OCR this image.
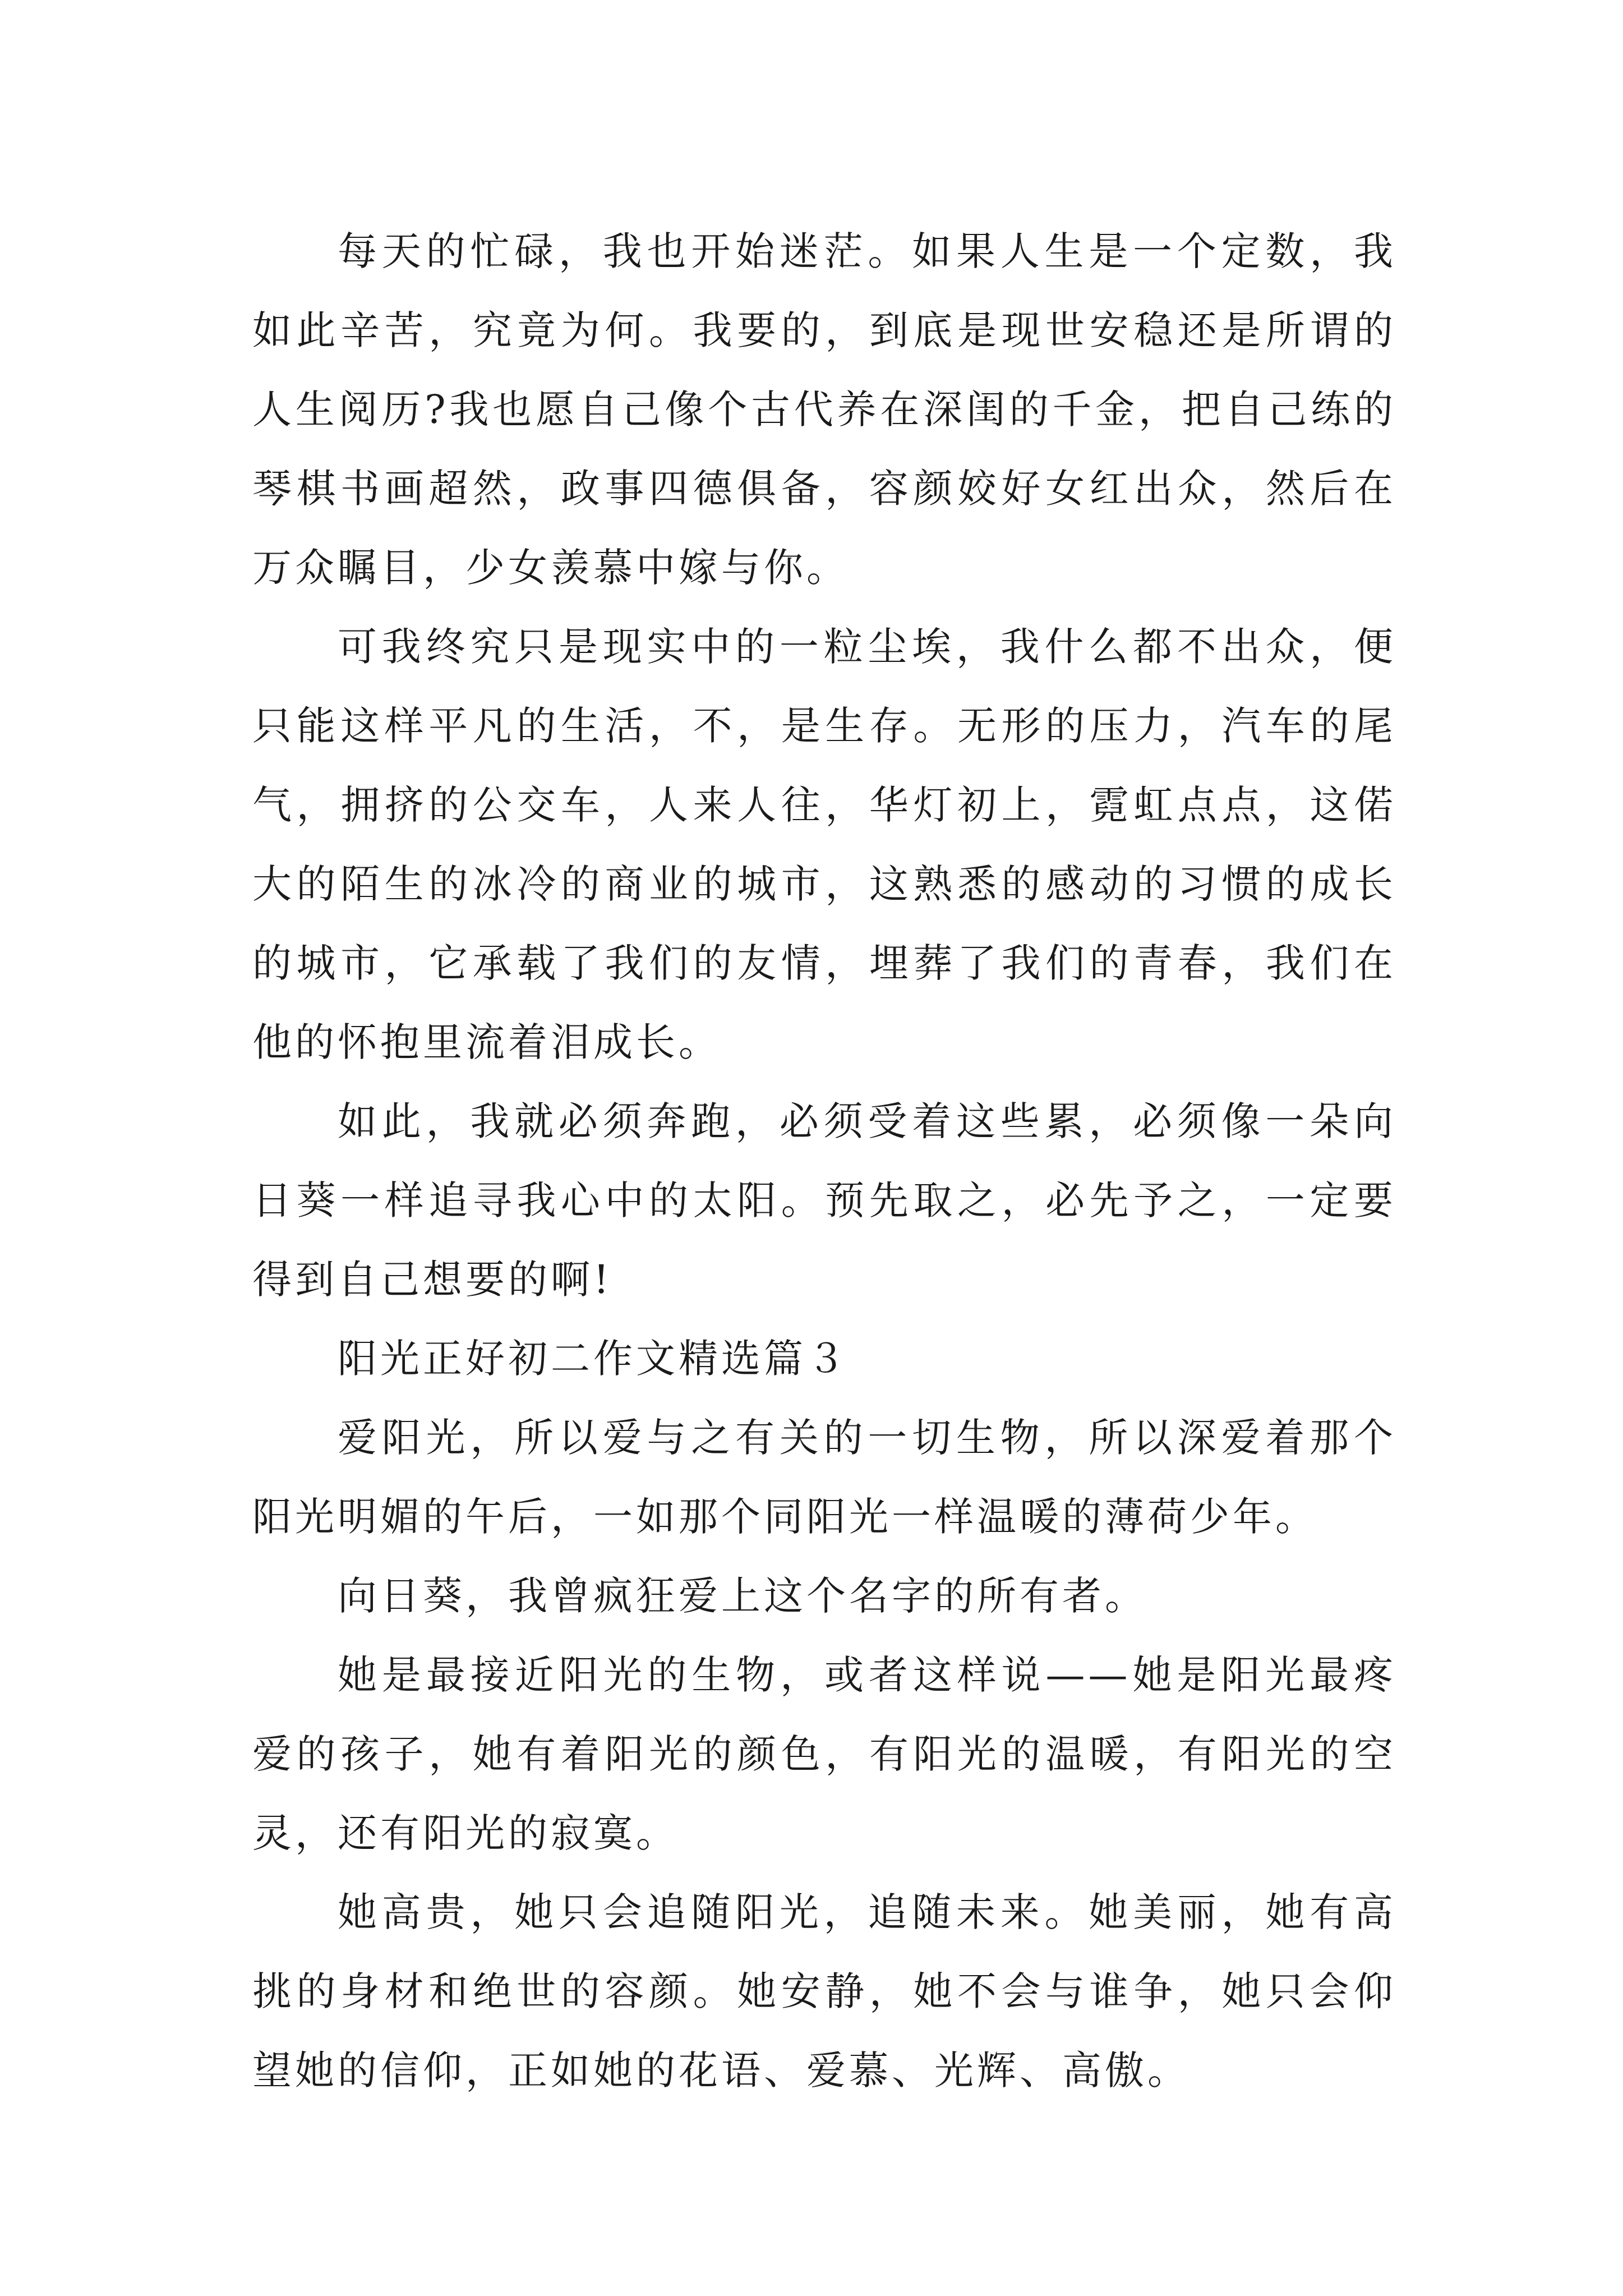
每天的忙碌，我也开始迷茫。如果人生是一个定数，我如此辛苦，究竟为何。我要的，到底是现世安稳还是所谓的人生阅历?我也愿自己像个古代养在深闺的千金，把自己练的琴棋书画超然，政事四德俱备，容颜姣好女红出众，然后在万众瞩目，少女羡慕中嫁与你。

可我终究只是现实中的一粒尘埃，我什么都不出众，便只能这样平凡的生活，不，是生存。无形的压力，汽车的尾气，拥挤的公交车，人来人往，华灯初上，霓虹点点，这偌大的陌生的冰冷的商业的城市，这熟悉的感动的习惯的成长的城市，它承载了我们的友情，埋葬了我们的青春，我们在他的怀抱里流着泪成长。

如此，我就必须奔跑，必须受着这些累，必须像一朵向日葵一样追寻我心中的太阳。预先取之，必先予之，一定要得到自己想要的啊!

阳光正好初二作文精选篇３

爱阳光，所以爱与之有关的一切生物，所以深爱着那个阳光明媚的午后，一如那个同阳光一样温暖的薄荷少年。

向日葵，我曾疯狂爱上这个名字的所有者。

她是最接近阳光的生物，或者这样说——她是阳光最疼爱的孩子，她有着阳光的颜色，有阳光的温暖，有阳光的空灵，还有阳光的寂寞。

她高贵，她只会追随阳光，追随未来。她美丽，她有高挑的身材和绝世的容颜。她安静，她不会与谁争，她只会仰望她的信仰，正如她的花语、爱慕、光辉、高傲。
